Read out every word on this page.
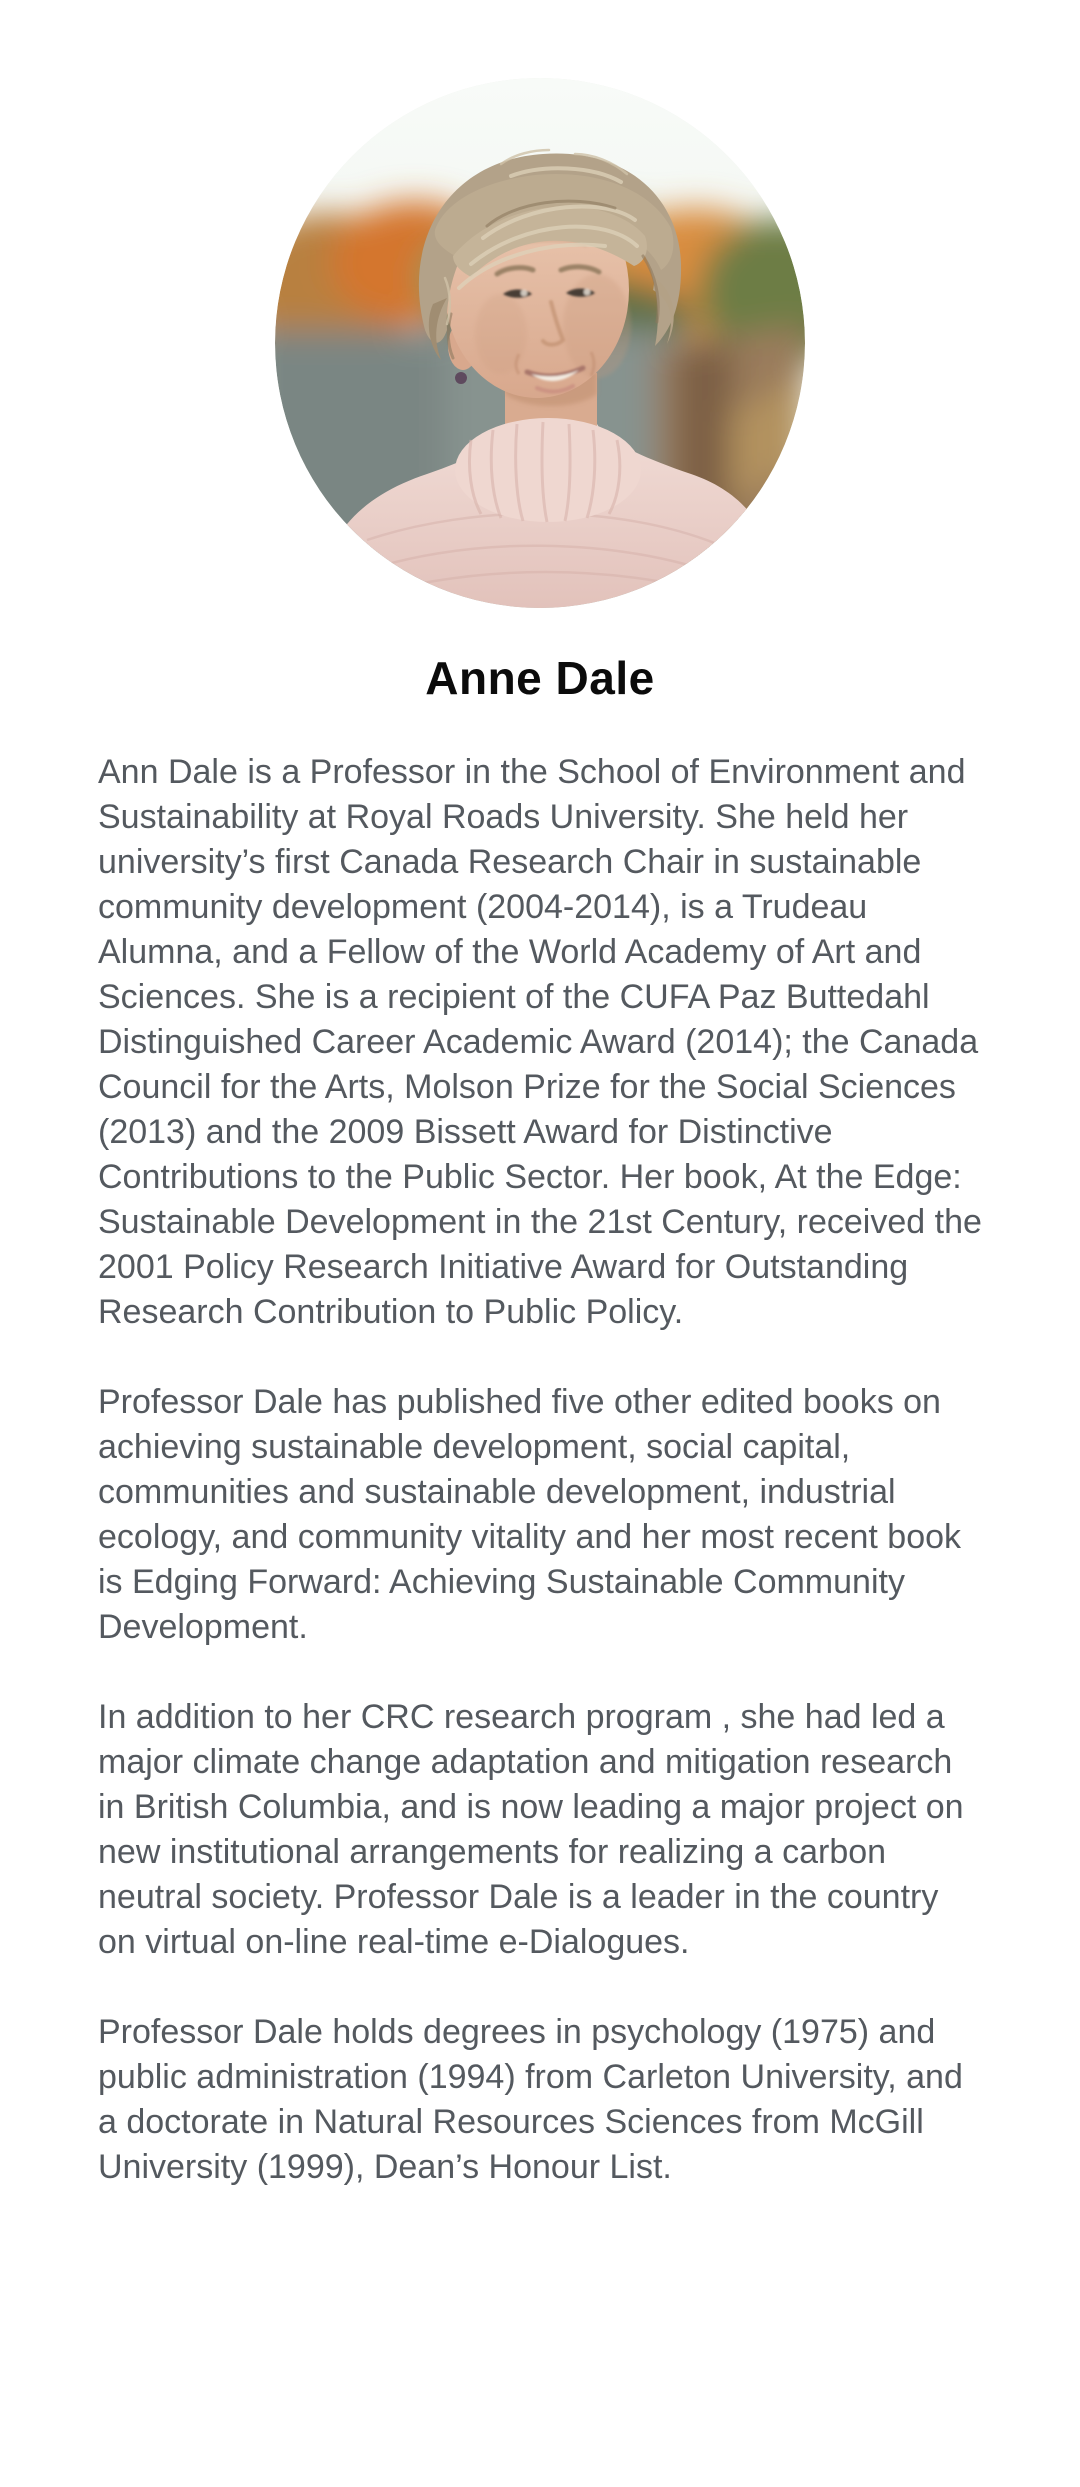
Anne Dale

Ann Dale is a Professor in the School of Environment and Sustainability at Royal Roads University. She held her university’s first Canada Research Chair in sustainable community development (2004-2014), is a Trudeau Alumna, and a Fellow of the World Academy of Art and Sciences. She is a recipient of the CUFA Paz Buttedahl Distinguished Career Academic Award (2014); the Canada Council for the Arts, Molson Prize for the Social Sciences (2013) and the 2009 Bissett Award for Distinctive Contributions to the Public Sector. Her book, At the Edge: Sustainable Development in the 21st Century, received the 2001 Policy Research Initiative Award for Outstanding Research Contribution to Public Policy.

Professor Dale has published five other edited books on achieving sustainable development, social capital, communities and sustainable development, industrial ecology, and community vitality and her most recent book is Edging Forward: Achieving Sustainable Community Development.

In addition to her CRC research program , she had led a major climate change adaptation and mitigation research in British Columbia, and is now leading a major project on new institutional arrangements for realizing a carbon neutral society. Professor Dale is a leader in the country on virtual on-line real-time e-Dialogues.

Professor Dale holds degrees in psychology (1975) and public administration (1994) from Carleton University, and a doctorate in Natural Resources Sciences from McGill University (1999), Dean’s Honour List.
